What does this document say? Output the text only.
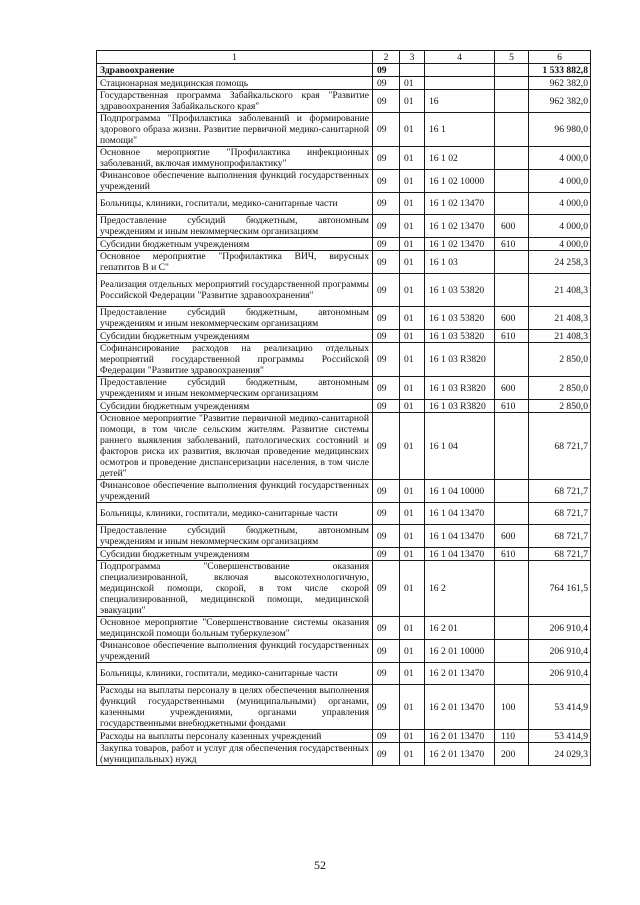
1	2	3	4	5	6
Здравоохранение	09				1 533 882,8
Стационарная медицинская помощь	09	01			962 382,0
Государственная программа Забайкальского края "Развитие здравоохранения Забайкальского края"	09	01	16		962 382,0
Подпрограмма "Профилактика заболеваний и формирование здорового образа жизни. Развитие первичной медико-санитарной помощи"	09	01	16 1		96 980,0
Основное мероприятие "Профилактика инфекционных заболеваний, включая иммунопрофилактику"	09	01	16 1 02		4 000,0
Финансовое обеспечение выполнения функций государственных учреждений	09	01	16 1 02 10000		4 000,0
Больницы, клиники, госпитали, медико-санитарные части	09	01	16 1 02 13470		4 000,0
Предоставление субсидий бюджетным, автономным учреждениям и иным некоммерческим организациям	09	01	16 1 02 13470	600	4 000,0
Субсидии бюджетным учреждениям	09	01	16 1 02 13470	610	4 000,0
Основное мероприятие "Профилактика ВИЧ, вирусных гепатитов В и С"	09	01	16 1 03		24 258,3
Реализация отдельных мероприятий государственной программы Российской Федерации "Развитие здравоохранения"	09	01	16 1 03 53820		21 408,3
Предоставление субсидий бюджетным, автономным учреждениям и иным некоммерческим организациям	09	01	16 1 03 53820	600	21 408,3
Субсидии бюджетным учреждениям	09	01	16 1 03 53820	610	21 408,3
Софинансирование расходов на реализацию отдельных мероприятий государственной программы Российской Федерации "Развитие здравоохранения"	09	01	16 1 03 R3820		2 850,0
Предоставление субсидий бюджетным, автономным учреждениям и иным некоммерческим организациям	09	01	16 1 03 R3820	600	2 850,0
Субсидии бюджетным учреждениям	09	01	16 1 03 R3820	610	2 850,0
Основное мероприятие "Развитие первичной медико-санитарной помощи, в том числе сельским жителям. Развитие системы раннего выявления заболеваний, патологических состояний и факторов риска их развития, включая проведение медицинских осмотров и проведение диспансеризации населения, в том числе детей"	09	01	16 1 04		68 721,7
Финансовое обеспечение выполнения функций государственных учреждений	09	01	16 1 04 10000		68 721,7
Больницы, клиники, госпитали, медико-санитарные части	09	01	16 1 04 13470		68 721,7
Предоставление субсидий бюджетным, автономным учреждениям и иным некоммерческим организациям	09	01	16 1 04 13470	600	68 721,7
Субсидии бюджетным учреждениям	09	01	16 1 04 13470	610	68 721,7
Подпрограмма "Совершенствование оказания специализированной, включая высокотехнологичную, медицинской помощи, скорой, в том числе скорой специализированной, медицинской помощи, медицинской эвакуации"	09	01	16 2		764 161,5
Основное мероприятие "Совершенствование системы оказания медицинской помощи больным туберкулезом"	09	01	16 2 01		206 910,4
Финансовое обеспечение выполнения функций государственных учреждений	09	01	16 2 01 10000		206 910,4
Больницы, клиники, госпитали, медико-санитарные части	09	01	16 2 01 13470		206 910,4
Расходы на выплаты персоналу в целях обеспечения выполнения функций государственными (муниципальными) органами, казенными учреждениями, органами управления государственными внебюджетными фондами	09	01	16 2 01 13470	100	53 414,9
Расходы на выплаты персоналу казенных учреждений	09	01	16 2 01 13470	110	53 414,9
Закупка товаров, работ и услуг для обеспечения государственных (муниципальных) нужд	09	01	16 2 01 13470	200	24 029,3
52
